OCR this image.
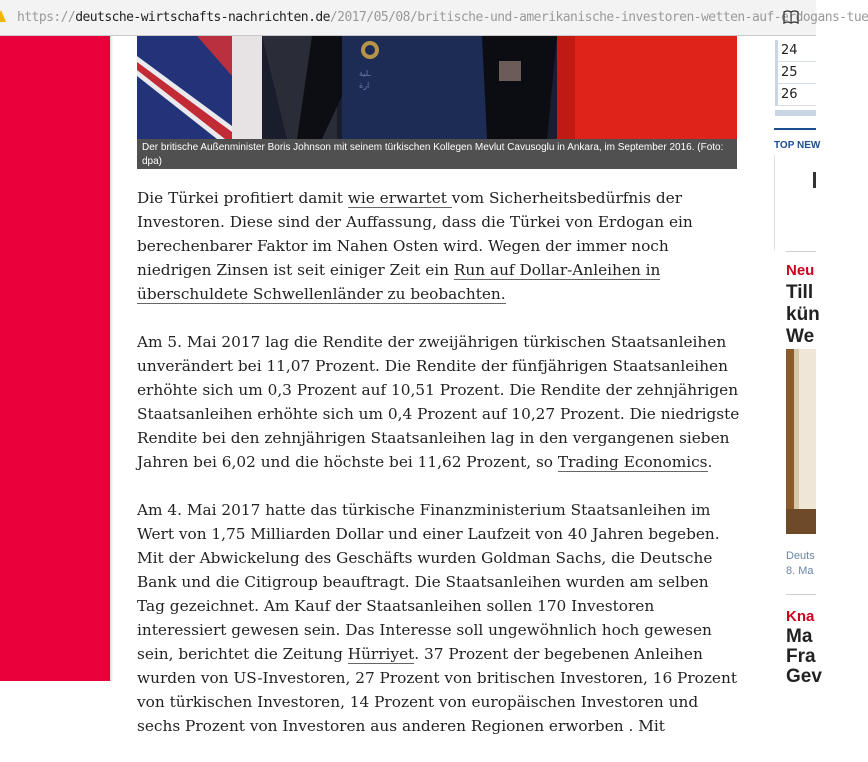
https://deutsche-wirtschafts-nachrichten.de/2017/05/08/britische-und-amerikanische-investoren-wetten-auf-erdogans-tue
ـﻠﻴﺔ
ﺍﺭﺓ
Der britische Außenminister Boris Johnson mit seinem türkischen Kollegen Mevlut Cavusoglu in Ankara, im September 2016. (Foto: dpa)

Die Türkei profitiert damit wie erwartet vom Sicherheitsbedürfnis der Investoren. Diese sind der Auffassung, dass die Türkei von Erdogan ein berechenbarer Faktor im Nahen Osten wird. Wegen der immer noch niedrigen Zinsen ist seit einiger Zeit ein Run auf Dollar-Anleihen in überschuldete Schwellenländer zu beobachten.

Am 5. Mai 2017 lag die Rendite der zweijährigen türkischen Staatsanleihen unverändert bei 11,07 Prozent. Die Rendite der fünfjährigen Staatsanleihen erhöhte sich um 0,3 Prozent auf 10,51 Prozent. Die Rendite der zehnjährigen Staatsanleihen erhöhte sich um 0,4 Prozent auf 10,27 Prozent. Die niedrigste Rendite bei den zehnjährigen Staatsanleihen lag in den vergangenen sieben Jahren bei 6,02 und die höchste bei 11,62 Prozent, so Trading Economics.

Am 4. Mai 2017 hatte das türkische Finanzministerium Staatsanleihen im Wert von 1,75 Milliarden Dollar und einer Laufzeit von 40 Jahren begeben. Mit der Abwickelung des Geschäfts wurden Goldman Sachs, die Deutsche Bank und die Citigroup beauftragt. Die Staatsanleihen wurden am selben Tag gezeichnet. Am Kauf der Staatsanleihen sollen 170 Investoren interessiert gewesen sein. Das Interesse soll ungewöhnlich hoch gewesen sein, berichtet die Zeitung Hürriyet. 37 Prozent der begebenen Anleihen wurden von US-Investoren, 27 Prozent von britischen Investoren, 16 Prozent von türkischen Investoren, 14 Prozent von europäischen Investoren und sechs Prozent von Investoren aus anderen Regionen erworben . Mit

24
25
26
TOP NEW
Neu
Till
kün
We
Deuts
8. Ma
Kna
Ma
Fra
Gev
